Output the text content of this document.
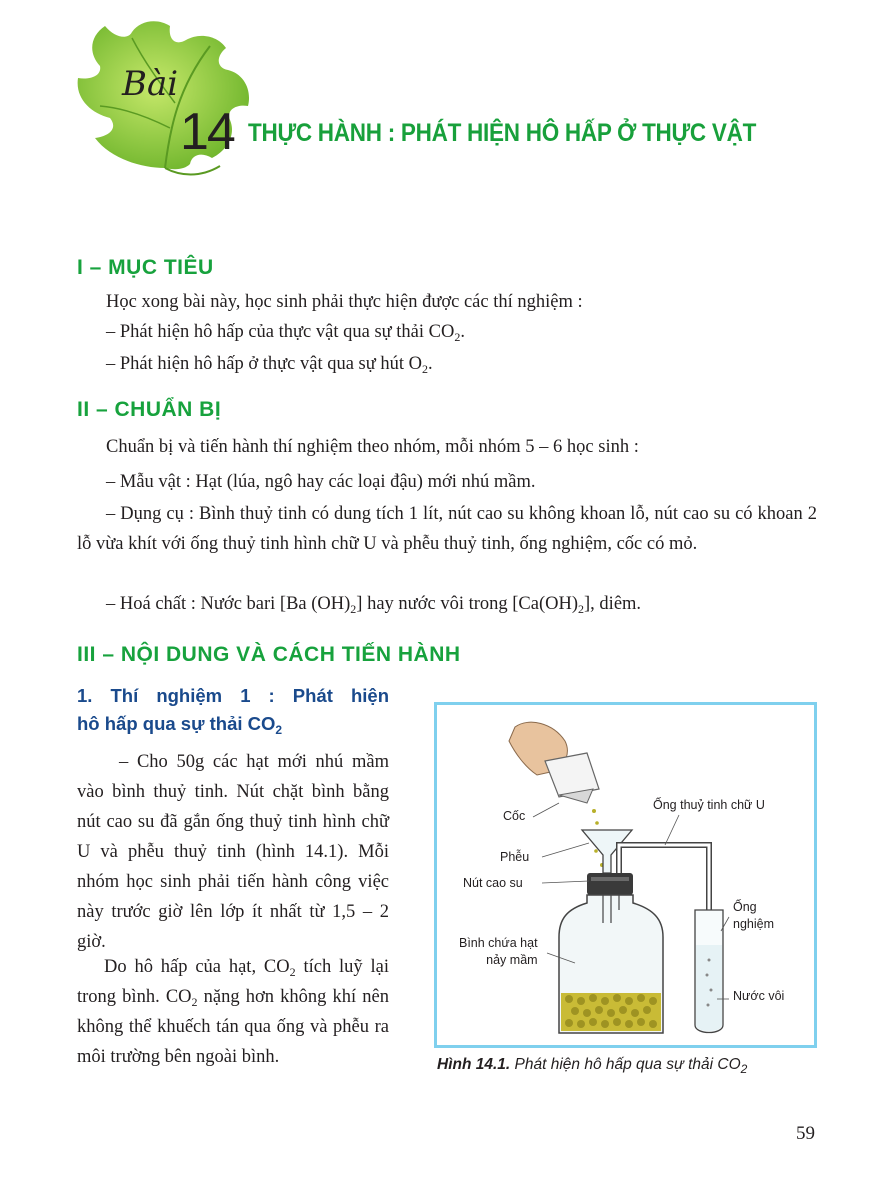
Bài
14 THỰC HÀNH : PHÁT HIỆN HÔ HẤP Ở THỰC VẬT
I – MỤC TIÊU
Học xong bài này, học sinh phải thực hiện được các thí nghiệm :
– Phát hiện hô hấp của thực vật qua sự thải $CO_2$.
– Phát hiện hô hấp ở thực vật qua sự hút $O_2$.
II – CHUẨN BỊ
Chuẩn bị và tiến hành thí nghiệm theo nhóm, mỗi nhóm 5 – 6 học sinh :
– Mẫu vật : Hạt (lúa, ngô hay các loại đậu) mới nhú mầm.
– Dụng cụ : Bình thuỷ tinh có dung tích 1 lít, nút cao su không khoan lỗ, nút cao su có khoan 2 lỗ vừa khít với ống thuỷ tinh hình chữ U và phễu thuỷ tinh, ống nghiệm, cốc có mỏ.
– Hoá chất : Nước bari [Ba $(OH)_2$] hay nước vôi trong $[Ca(OH)_2]$, diêm.
III – NỘI DUNG VÀ CÁCH TIẾN HÀNH
1. Thí nghiệm 1 : Phát hiện
hô hấp qua sự thải $CO_2$
– Cho 50g các hạt mới nhú mầm vào bình thuỷ tinh. Nút chặt bình bằng nút cao su đã gắn ống thuỷ tinh hình chữ U và phễu thuỷ tinh (hình 14.1). Mỗi nhóm học sinh phải tiến hành công việc này trước giờ lên lớp ít nhất từ 1,5 – 2 giờ.
Do hô hấp của hạt, $CO_2$ tích luỹ lại trong bình. $CO_2$ nặng hơn không khí nên không thể khuếch tán qua ống và phễu ra môi trường bên ngoài bình.
Cốc
Ống thuỷ tinh chữ U
Phễu
Nút cao su
Ống
nghiệm
Bình chứa hạt
nảy mầm
Nước vôi
Hình 14.1. Phát hiện hô hấp qua sự thải $CO_2$
59
